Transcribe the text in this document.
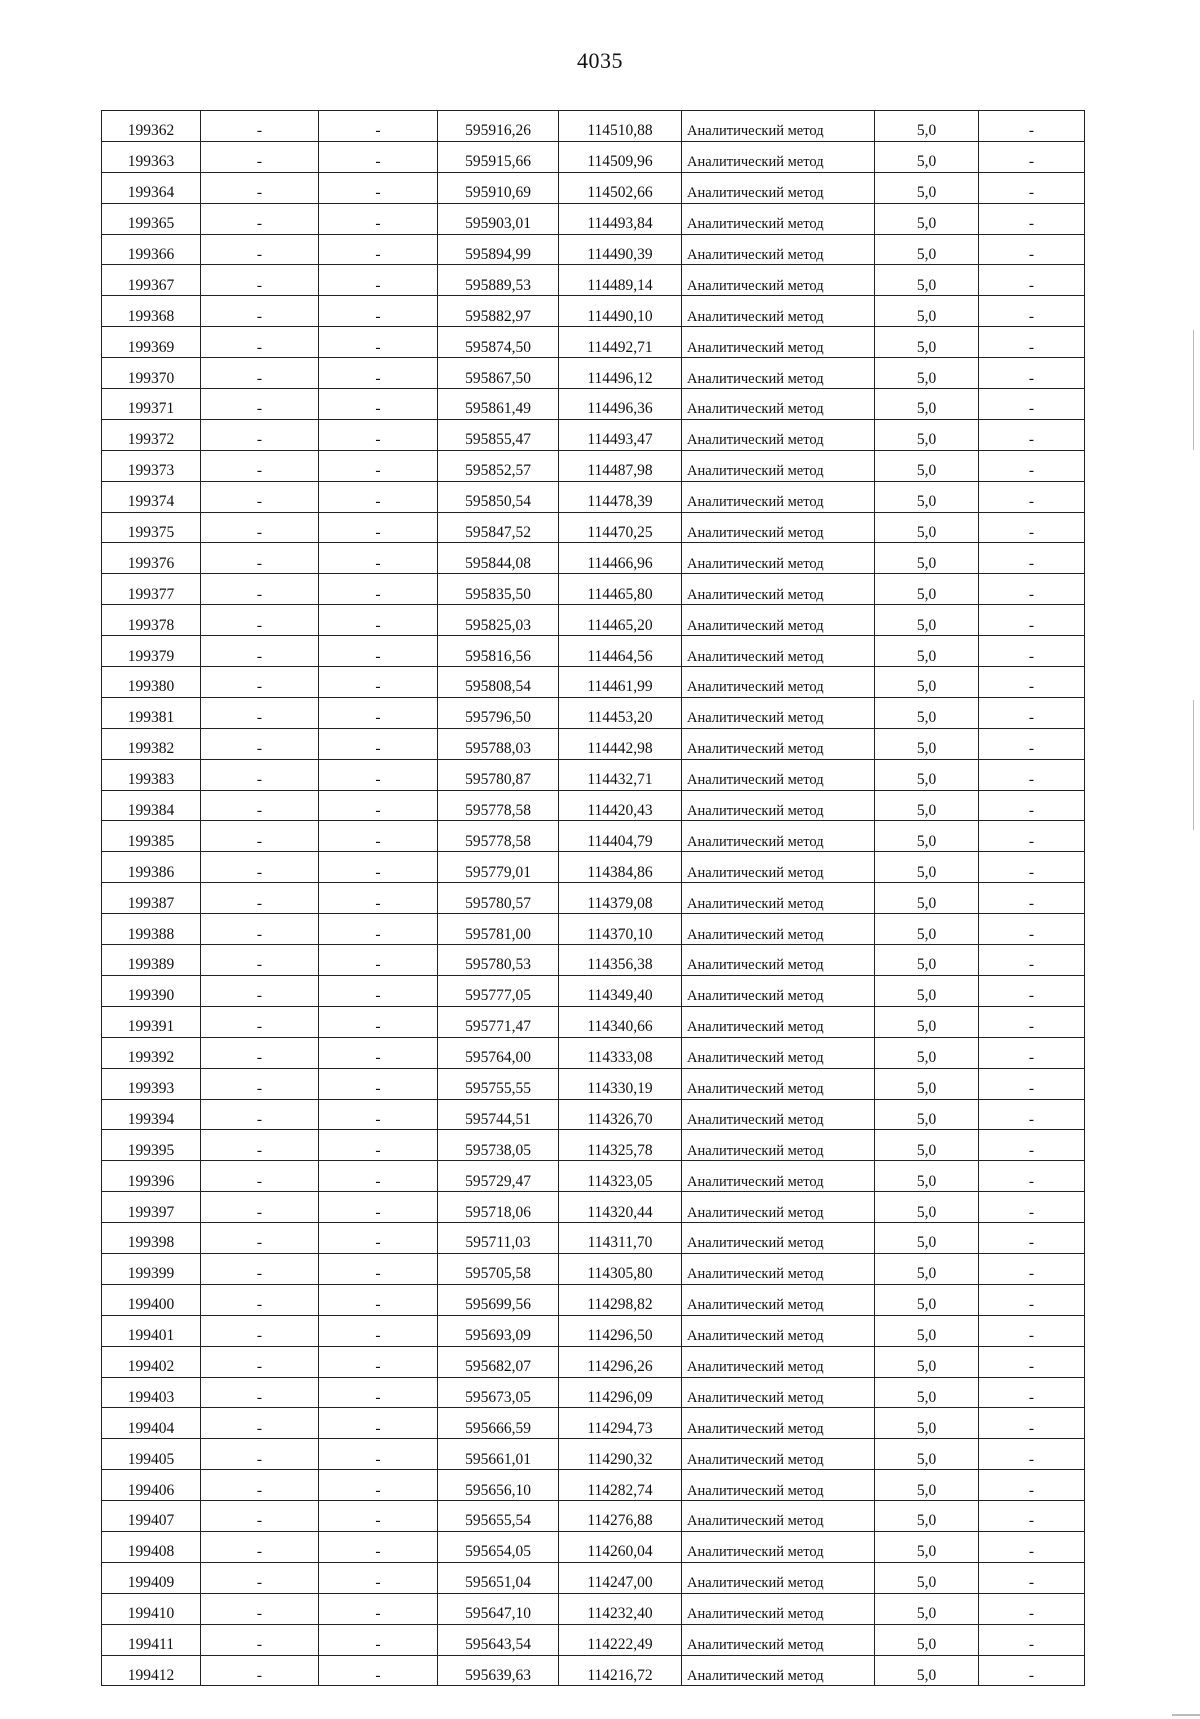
4035
199362	-	-	595916,26	114510,88	Аналитический метод	5,0	-
199363	-	-	595915,66	114509,96	Аналитический метод	5,0	-
199364	-	-	595910,69	114502,66	Аналитический метод	5,0	-
199365	-	-	595903,01	114493,84	Аналитический метод	5,0	-
199366	-	-	595894,99	114490,39	Аналитический метод	5,0	-
199367	-	-	595889,53	114489,14	Аналитический метод	5,0	-
199368	-	-	595882,97	114490,10	Аналитический метод	5,0	-
199369	-	-	595874,50	114492,71	Аналитический метод	5,0	-
199370	-	-	595867,50	114496,12	Аналитический метод	5,0	-
199371	-	-	595861,49	114496,36	Аналитический метод	5,0	-
199372	-	-	595855,47	114493,47	Аналитический метод	5,0	-
199373	-	-	595852,57	114487,98	Аналитический метод	5,0	-
199374	-	-	595850,54	114478,39	Аналитический метод	5,0	-
199375	-	-	595847,52	114470,25	Аналитический метод	5,0	-
199376	-	-	595844,08	114466,96	Аналитический метод	5,0	-
199377	-	-	595835,50	114465,80	Аналитический метод	5,0	-
199378	-	-	595825,03	114465,20	Аналитический метод	5,0	-
199379	-	-	595816,56	114464,56	Аналитический метод	5,0	-
199380	-	-	595808,54	114461,99	Аналитический метод	5,0	-
199381	-	-	595796,50	114453,20	Аналитический метод	5,0	-
199382	-	-	595788,03	114442,98	Аналитический метод	5,0	-
199383	-	-	595780,87	114432,71	Аналитический метод	5,0	-
199384	-	-	595778,58	114420,43	Аналитический метод	5,0	-
199385	-	-	595778,58	114404,79	Аналитический метод	5,0	-
199386	-	-	595779,01	114384,86	Аналитический метод	5,0	-
199387	-	-	595780,57	114379,08	Аналитический метод	5,0	-
199388	-	-	595781,00	114370,10	Аналитический метод	5,0	-
199389	-	-	595780,53	114356,38	Аналитический метод	5,0	-
199390	-	-	595777,05	114349,40	Аналитический метод	5,0	-
199391	-	-	595771,47	114340,66	Аналитический метод	5,0	-
199392	-	-	595764,00	114333,08	Аналитический метод	5,0	-
199393	-	-	595755,55	114330,19	Аналитический метод	5,0	-
199394	-	-	595744,51	114326,70	Аналитический метод	5,0	-
199395	-	-	595738,05	114325,78	Аналитический метод	5,0	-
199396	-	-	595729,47	114323,05	Аналитический метод	5,0	-
199397	-	-	595718,06	114320,44	Аналитический метод	5,0	-
199398	-	-	595711,03	114311,70	Аналитический метод	5,0	-
199399	-	-	595705,58	114305,80	Аналитический метод	5,0	-
199400	-	-	595699,56	114298,82	Аналитический метод	5,0	-
199401	-	-	595693,09	114296,50	Аналитический метод	5,0	-
199402	-	-	595682,07	114296,26	Аналитический метод	5,0	-
199403	-	-	595673,05	114296,09	Аналитический метод	5,0	-
199404	-	-	595666,59	114294,73	Аналитический метод	5,0	-
199405	-	-	595661,01	114290,32	Аналитический метод	5,0	-
199406	-	-	595656,10	114282,74	Аналитический метод	5,0	-
199407	-	-	595655,54	114276,88	Аналитический метод	5,0	-
199408	-	-	595654,05	114260,04	Аналитический метод	5,0	-
199409	-	-	595651,04	114247,00	Аналитический метод	5,0	-
199410	-	-	595647,10	114232,40	Аналитический метод	5,0	-
199411	-	-	595643,54	114222,49	Аналитический метод	5,0	-
199412	-	-	595639,63	114216,72	Аналитический метод	5,0	-
